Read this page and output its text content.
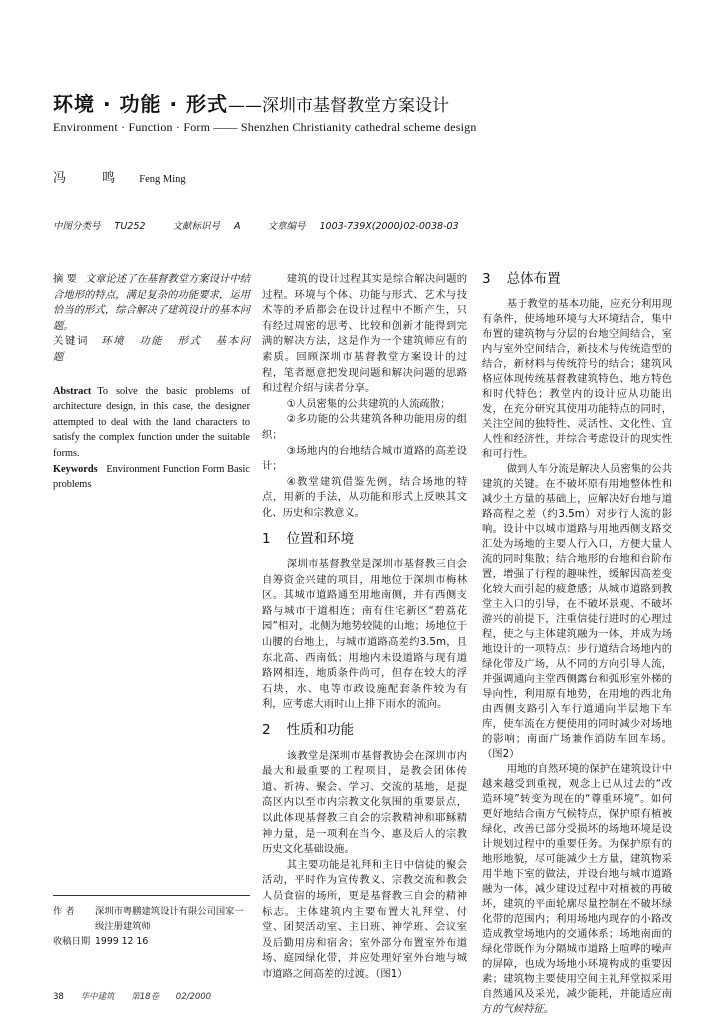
环境 · 功能 · 形式——深圳市基督教堂方案设计
Environment · Function · Form —— Shenzhen Christianity cathedral scheme design
冯 鸣 Feng Ming
中图分类号 TU252	文献标识号 A	文章编号 1003-739X(2000)02-0038-03
摘 要 文章论述了在基督教堂方案设计中结合地形的特点，满足复杂的功能要求，运用恰当的形式，综合解决了建筑设计的基本问题。
关键词 环境 功能 形式 基本问题
Abstract To solve the basic problems of architecture design, in this case, the designer attempted to deal with the land characters to satisfy the complex function under the suitable forms.
Keywords Environment Function Form Basic problems
作 者	深圳市粤鹏建筑设计有限公司国家一级注册建筑师
收稿日期 1999 12 16

建筑的设计过程其实是综合解决问题的过程。环境与个体、功能与形式、艺术与技术等的矛盾都会在设计过程中不断产生，只有经过周密的思考、比较和创新才能得到完满的解决方法，这是作为一个建筑师应有的素质。回顾深圳市基督教堂方案设计的过程，笔者愿意把发现问题和解决问题的思路和过程介绍与读者分享。

①人员密集的公共建筑的人流疏散；

②多功能的公共建筑各种功能用房的组织；

③场地内的台地结合城市道路的高差设计；

④教堂建筑借鉴先例，结合场地的特点，用新的手法，从功能和形式上反映其文化、历史和宗教意义。

1 位置和环境

深圳市基督教堂是深圳市基督教三自会自筹资金兴建的项目，用地位于深圳市梅林区。其城市道路通至用地南侧，并有西侧支路与城市干道相连；南有住宅新区“碧荔花园”相对，北侧为地势较陡的山地；场地位于山腰的台地上，与城市道路高差约3.5m，且东北高、西南低；用地内未设道路与现有道路网相连，地质条件尚可，但存在较大的浮石块，水、电等市政设施配套条件较为有利，应考虑大雨时山上排下雨水的流向。

2 性质和功能

该教堂是深圳市基督教协会在深圳市内最大和最重要的工程项目，是教会团体传道、祈祷、聚会、学习、交流的基地，是提高区内以至市内宗教文化氛围的重要景点，以此体现基督教三自会的宗教精神和耶稣精神力量，是一项利在当今、惠及后人的宗教历史文化基础设施。

其主要功能是礼拜和主日中信徒的聚会活动，平时作为宣传教义、宗教交流和教会人员食宿的场所，更是基督教三自会的精神标志。主体建筑内主要布置大礼拜堂、付堂、团契活动室、主日班、神学班、会议室及后勤用房和宿舍；室外部分布置室外布道场、庭园绿化带，并应处理好室外台地与城市道路之间高差的过渡。（图1）

3 总体布置

基于教堂的基本功能，应充分利用现有条件，使场地环境与大环境结合，集中布置的建筑物与分层的台地空间结合，室内与室外空间结合，新技术与传统造型的结合，新材料与传统符号的结合；建筑风格应体现传统基督教建筑特色、地方特色和时代特色；教堂内的设计应从功能出发，在充分研究其使用功能特点的同时，关注空间的独特性、灵活性、文化性、宜人性和经济性，并综合考虑设计的现实性和可行性。

做到人车分流是解决人员密集的公共建筑的关键。在不破坏原有用地整体性和减少土方量的基础上，应解决好台地与道路高程之差（约3.5m）对步行人流的影响。设计中以城市道路与用地西侧支路交汇处为场地的主要人行入口，方便大量人流的同时集散；结合地形的台地和台阶布置，增强了行程的趣味性，缓解因高差变化较大而引起的疲惫感；从城市道路到教堂主入口的引导，在不破坏景观、不破坏游兴的前提下，注重信徒行进时的心理过程，使之与主体建筑融为一体，并成为场地设计的一项特点：步行道结合场地内的绿化带及广场，从不同的方向引导人流，并强调通向主堂西侧露台和弧形室外梯的导向性，利用原有地势，在用地的西北角由西侧支路引入车行道通向半层地下车库，使车流在方便使用的同时减少对场地的影响；南面广场兼作消防车回车场。（图2）

用地的自然环境的保护在建筑设计中越来越受到重视，观念上已从过去的“改造环境”转变为现在的“尊重环境”。如何更好地结合南方气候特点，保护原有植被绿化，改善已部分受损坏的场地环境是设计规划过程中的重要任务。为保护原有的地形地貌，尽可能减少土方量，建筑物采用半地下室的做法，并设台地与城市道路融为一体，减少建设过程中对植被的再破坏，建筑的平面轮廓尽量控制在不破坏绿化带的范围内；利用场地内现存的小路改造成教堂场地内的交通体系；场地南面的绿化带既作为分隔城市道路上喧哗的噪声的屏障，也成为场地小环境构成的重要因素；建筑物主要使用空间主礼拜堂拟采用自然通风及采光，减少能耗，并能适应南方的气候特征。

38 华中建筑 第18卷 02/2000
